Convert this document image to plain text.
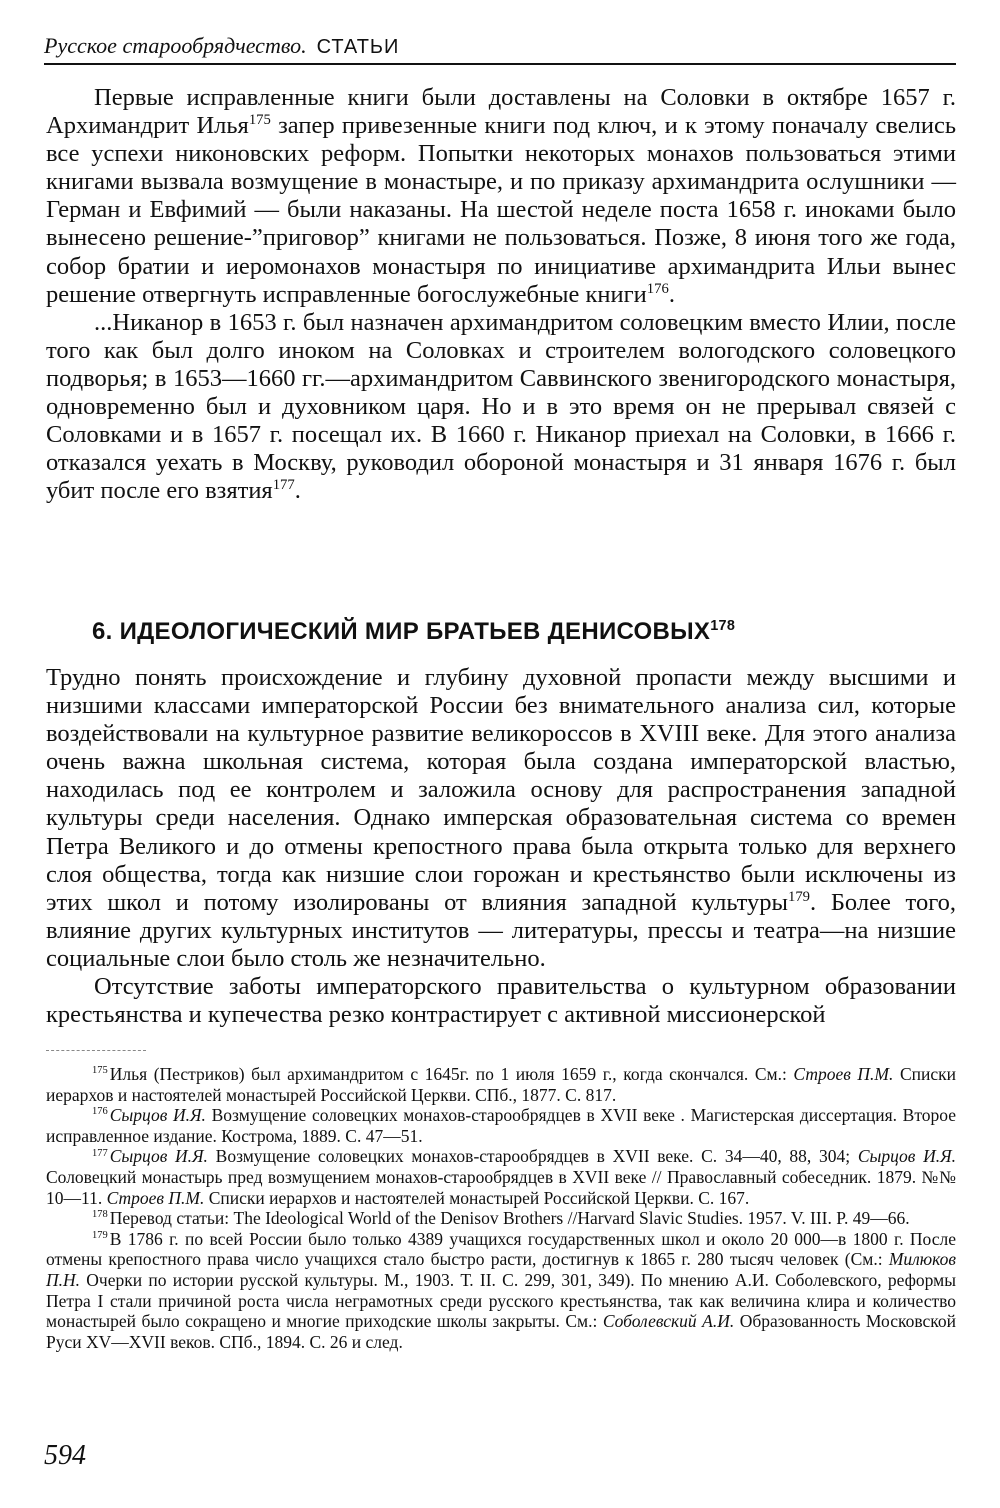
Русское старообрядчество. СТАТЬИ

Первые исправленные книги были доставлены на Соловки в октябре 1657 г. Архимандрит Илья$^{175}$ запер привезенные книги под ключ, и к этому поначалу свелись все успехи никоновских реформ. Попытки некоторых монахов пользоваться этими книгами вызвала возмущение в монастыре, и по приказу архимандрита ослушники — Герман и Евфимий — были наказаны. На шестой неделе поста 1658 г. иноками было вынесено решение-”приговор” книгами не пользоваться. Позже, 8 июня того же года, собор братии и иеромонахов монастыря по инициативе архимандрита Ильи вынес решение отвергнуть исправленные богослужебные книги$^{176}$.

...Никанор в 1653 г. был назначен архимандритом соловецким вместо Илии, после того как был долго иноком на Соловках и строителем вологодского соловецкого подворья; в 1653—1660 гг.—архимандритом Саввинского звенигородского монастыря, одновременно был и духовником царя. Но и в это время он не прерывал связей с Соловками и в 1657 г. посещал их. В 1660 г. Никанор приехал на Соловки, в 1666 г. отказался уехать в Москву, руководил обороной монастыря и 31 января 1676 г. был убит после его взятия$^{177}$.

6. ИДЕОЛОГИЧЕСКИЙ МИР БРАТЬЕВ ДЕНИСОВЫХ$^{178}$

Трудно понять происхождение и глубину духовной пропасти между высшими и низшими классами императорской России без внимательного анализа сил, которые воздействовали на культурное развитие великороссов в XVIII веке. Для этого анализа очень важна школьная система, которая была создана императорской властью, находилась под ее контролем и заложила основу для распространения западной культуры среди населения. Однако имперская образовательная система со времен Петра Великого и до отмены крепостного права была открыта только для верхнего слоя общества, тогда как низшие слои горожан и крестьянство были исключены из этих школ и потому изолированы от влияния западной культуры$^{179}$. Более того, влияние других культурных институтов — литературы, прессы и театра—на низшие социальные слои было столь же незначительно.

Отсутствие заботы императорского правительства о культурном образовании крестьянства и купечества резко контрастирует с активной миссионерской

$^{175}$ Илья (Пестриков) был архимандритом с 1645г. по 1 июля 1659 г., когда скончался. См.: Строев П.М. Списки иерархов и настоятелей монастырей Российской Церкви. СПб., 1877. С. 817.

$^{176}$ Сырцов И.Я. Возмущение соловецких монахов-старообрядцев в XVII веке . Магистерская диссертация. Второе исправленное издание. Кострома, 1889. С. 47—51.

$^{177}$ Сырцов И.Я. Возмущение соловецких монахов-старообрядцев в XVII веке. С. 34—40, 88, 304; Сырцов И.Я. Соловецкий монастырь пред возмущением монахов-старообрядцев в XVII веке // Православный собеседник. 1879. №№ 10—11. Строев П.М. Списки иерархов и настоятелей монастырей Российской Церкви. С. 167.

$^{178}$ Перевод статьи: The Ideological World of the Denisov Brothers //Harvard Slavic Studies. 1957. V. III. P. 49—66.

$^{179}$ В 1786 г. по всей России было только 4389 учащихся государственных школ и около 20 000—в 1800 г. После отмены крепостного права число учащихся стало быстро расти, достигнув к 1865 г. 280 тысяч человек (См.: Милюков П.Н. Очерки по истории русской культуры. М., 1903. Т. II. С. 299, 301, 349). По мнению А.И. Соболевского, реформы Петра I стали причиной роста числа неграмотных среди русского крестьянства, так как величина клира и количество монастырей было сокращено и многие приходские школы закрыты. См.: Соболевский А.И. Образованность Московской Руси XV—XVII веков. СПб., 1894. С. 26 и след.

594
